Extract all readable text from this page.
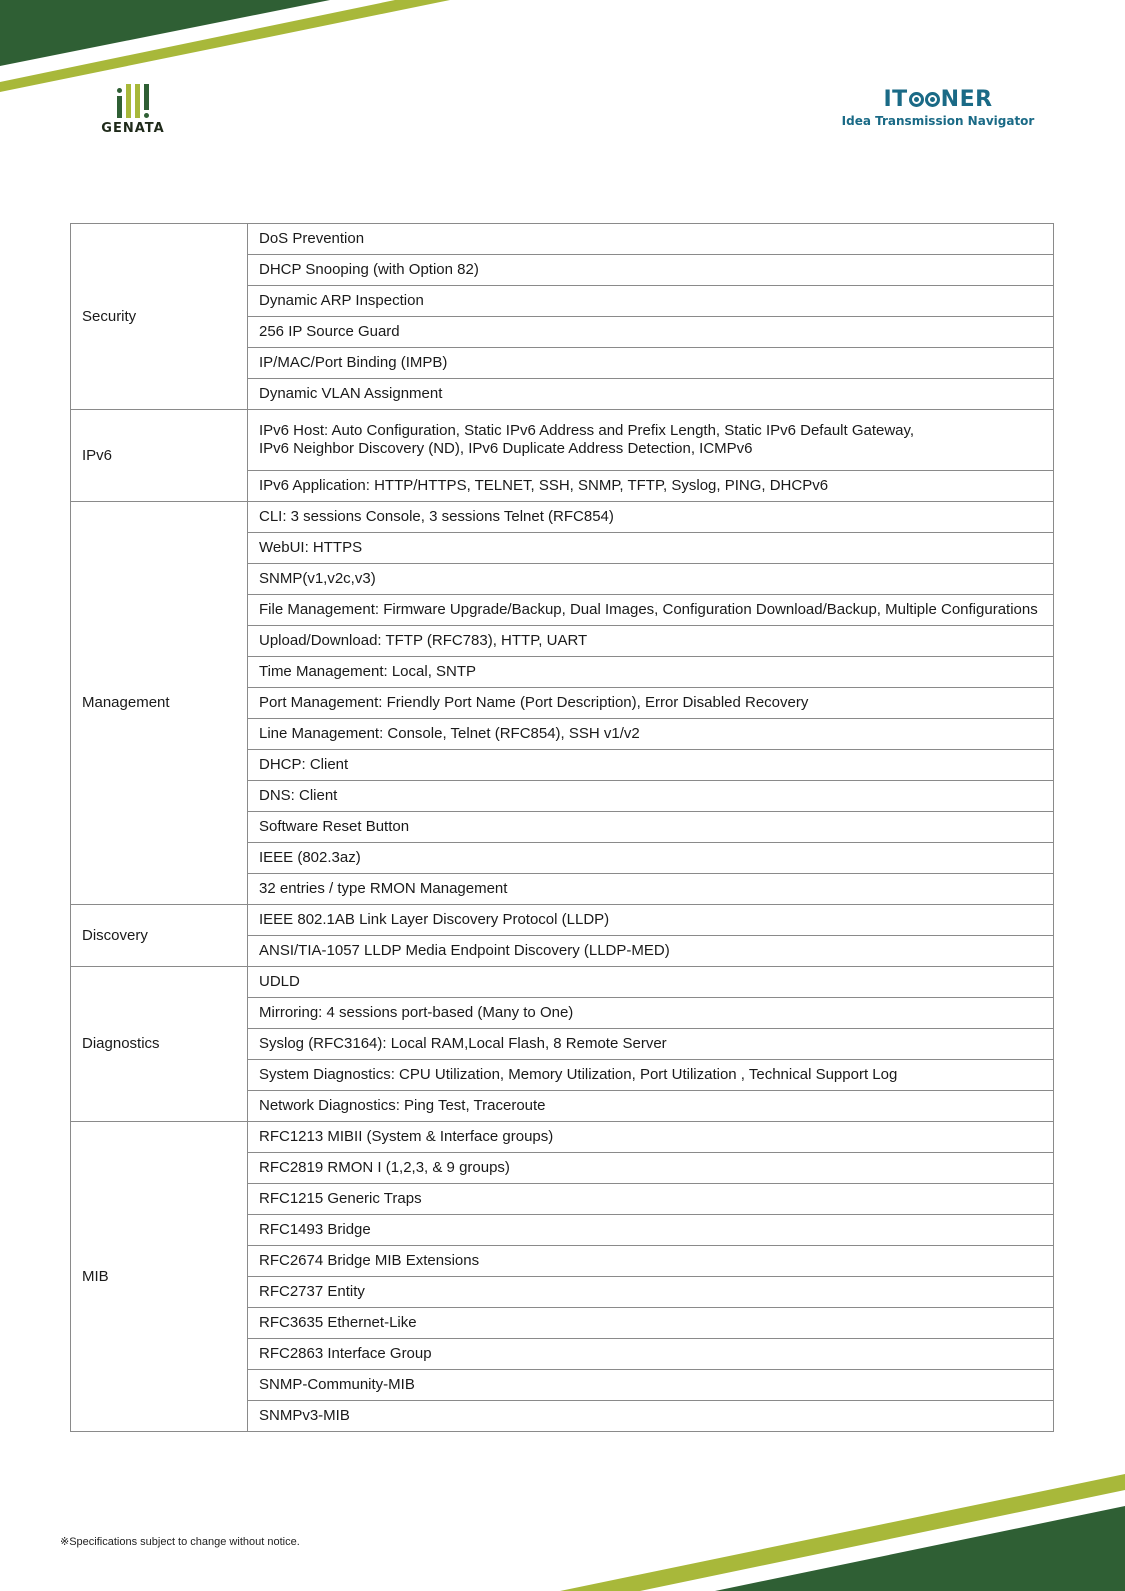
GENATA
IT NER
Idea Transmission Navigator
Security	DoS Prevention
	DHCP Snooping (with Option 82)
	Dynamic ARP Inspection
	256 IP Source Guard
	IP/MAC/Port Binding (IMPB)
	Dynamic VLAN Assignment
IPv6	IPv6 Host: Auto Configuration, Static IPv6 Address and Prefix Length, Static IPv6 Default Gateway,
IPv6 Neighbor Discovery (ND), IPv6 Duplicate Address Detection, ICMPv6

	IPv6 Application: HTTP/HTTPS, TELNET, SSH, SNMP, TFTP, Syslog, PING, DHCPv6
Management	CLI: 3 sessions Console, 3 sessions Telnet (RFC854)
	WebUI: HTTPS
	SNMP(v1,v2c,v3)
	File Management: Firmware Upgrade/Backup, Dual Images, Configuration Download/Backup, Multiple Configurations
	Upload/Download: TFTP (RFC783), HTTP, UART
	Time Management: Local, SNTP
	Port Management: Friendly Port Name (Port Description), Error Disabled Recovery
	Line Management: Console, Telnet (RFC854), SSH v1/v2
	DHCP: Client
	DNS: Client
	Software Reset Button
	IEEE (802.3az)
	32 entries / type RMON Management
Discovery	IEEE 802.1AB Link Layer Discovery Protocol (LLDP)
	ANSI/TIA-1057 LLDP Media Endpoint Discovery (LLDP-MED)
Diagnostics	UDLD
	Mirroring: 4 sessions port-based (Many to One)
	Syslog (RFC3164): Local RAM,Local Flash, 8 Remote Server
	System Diagnostics: CPU Utilization, Memory Utilization, Port Utilization , Technical Support Log
	Network Diagnostics: Ping Test, Traceroute
MIB	RFC1213 MIBII (System & Interface groups)
	RFC2819 RMON I (1,2,3, & 9 groups)
	RFC1215 Generic Traps
	RFC1493 Bridge
	RFC2674 Bridge MIB Extensions
	RFC2737 Entity
	RFC3635 Ethernet-Like
	RFC2863 Interface Group
	SNMP-Community-MIB
	SNMPv3-MIB
※Specifications subject to change without notice.
